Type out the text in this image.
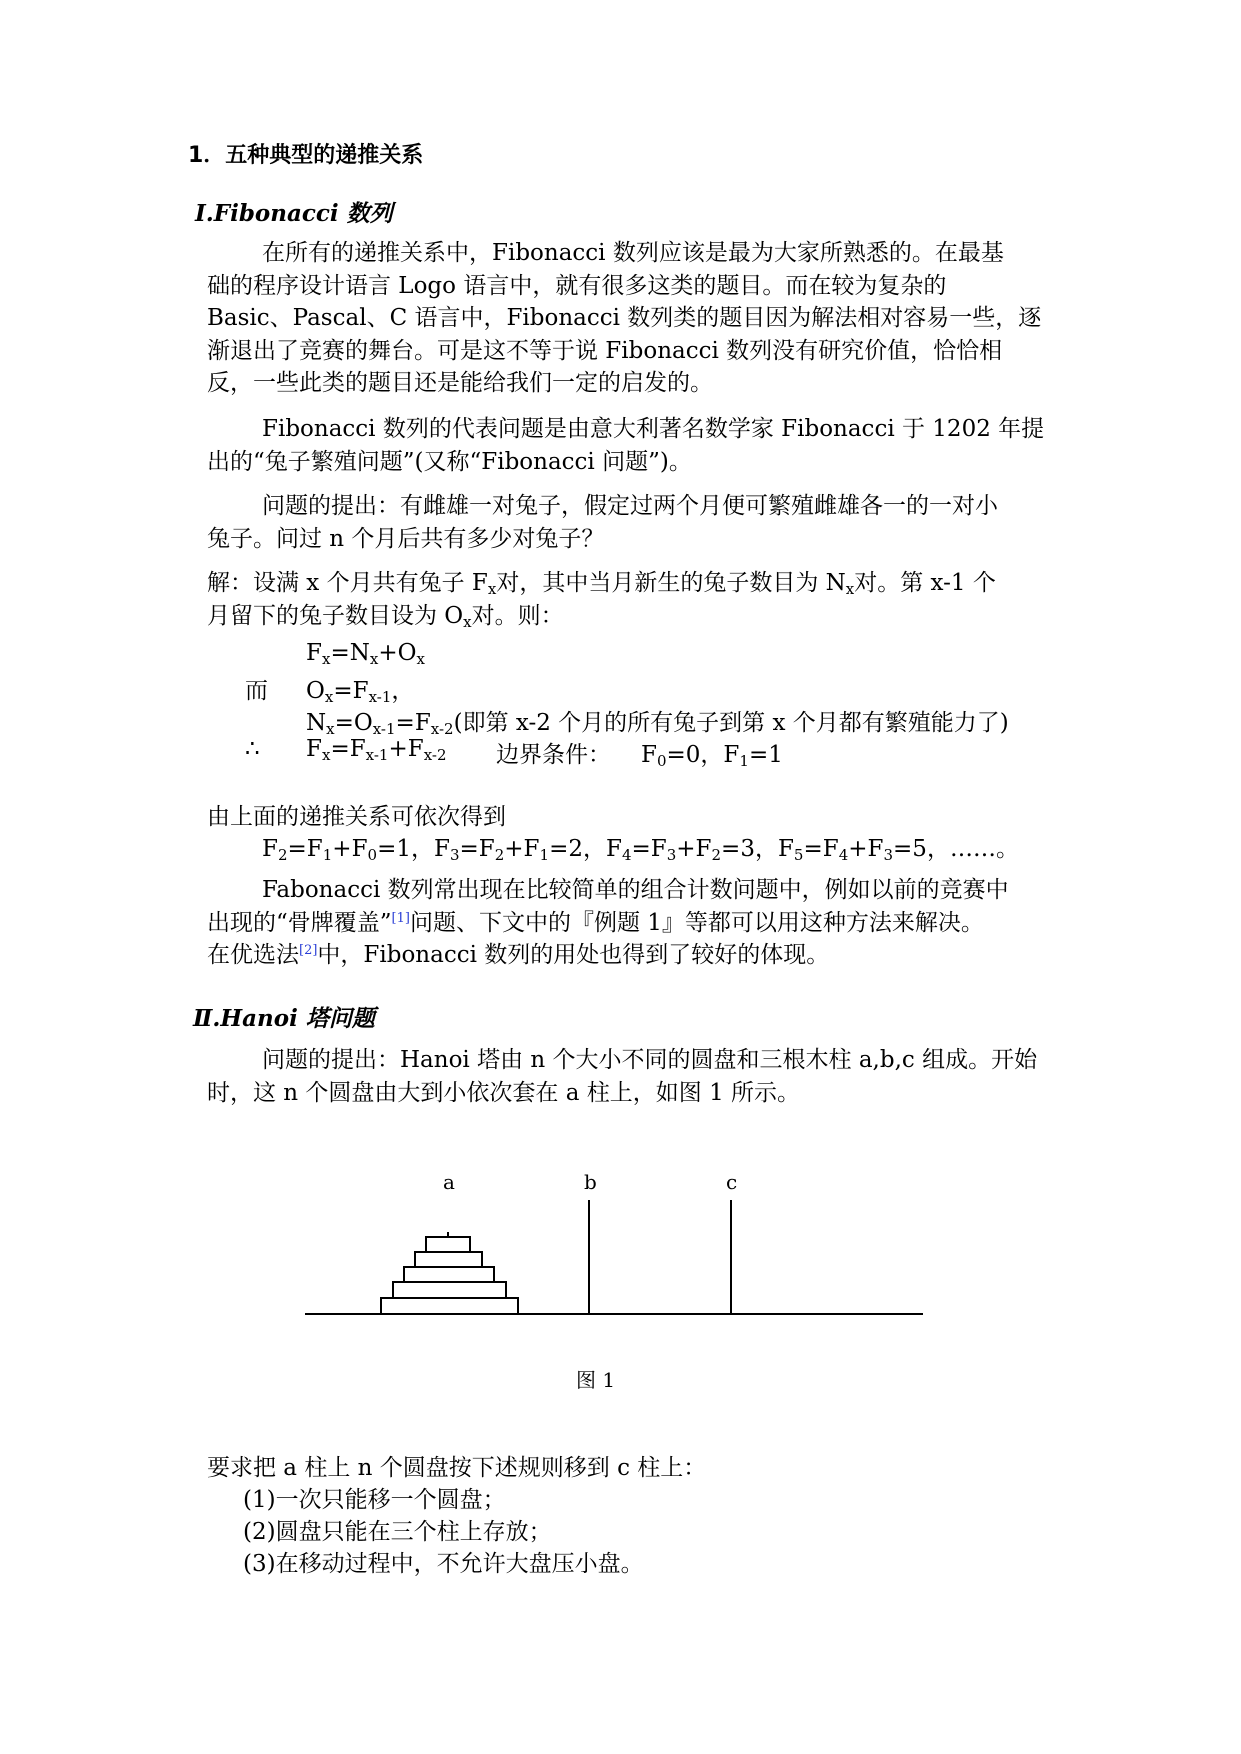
1．五种典型的递推关系
Ⅰ.Fibonacci 数列
在所有的递推关系中，Fibonacci 数列应该是最为大家所熟悉的。在最基
础的程序设计语言 Logo 语言中，就有很多这类的题目。而在较为复杂的
Basic、Pascal、C 语言中，Fibonacci 数列类的题目因为解法相对容易一些，逐
渐退出了竞赛的舞台。可是这不等于说 Fibonacci 数列没有研究价值，恰恰相
反，一些此类的题目还是能给我们一定的启发的。
Fibonacci 数列的代表问题是由意大利著名数学家 Fibonacci 于 1202 年提
出的“兔子繁殖问题”(又称“Fibonacci 问题”)。
问题的提出：有雌雄一对兔子，假定过两个月便可繁殖雌雄各一的一对小
兔子。问过 n 个月后共有多少对兔子？
解：设满 x 个月共有兔子 $F_x$对，其中当月新生的兔子数目为 $N_x$对。第 x-1 个
月留下的兔子数目设为 $O_x$对。则：
$F_x=N_x+O_x$
而 $O_x=F_{x-1}$，
$N_x=O_{x-1}=F_{x-2}$(即第 x-2 个月的所有兔子到第 x 个月都有繁殖能力了)
∴ $F_x=F_{x-1}+F_{x-2}$ 边界条件： $F_0=0$，$F_1=1$
由上面的递推关系可依次得到
$F_2=F_1+F_0=1$，$F_3=F_2+F_1=2$，$F_4=F_3+F_2=3$，$F_5=F_4+F_3=5$，……。
Fabonacci 数列常出现在比较简单的组合计数问题中，例如以前的竞赛中
出现的“骨牌覆盖”[1]问题、下文中的『例题 1』等都可以用这种方法来解决。
在优选法[2]中，Fibonacci 数列的用处也得到了较好的体现。
Ⅱ.Hanoi 塔问题
问题的提出：Hanoi 塔由 n 个大小不同的圆盘和三根木柱 a,b,c 组成。开始
时，这 n 个圆盘由大到小依次套在 a 柱上，如图 1 所示。
a	b	c
图 1
要求把 a 柱上 n 个圆盘按下述规则移到 c 柱上：
(1)一次只能移一个圆盘；
(2)圆盘只能在三个柱上存放；
(3)在移动过程中，不允许大盘压小盘。
